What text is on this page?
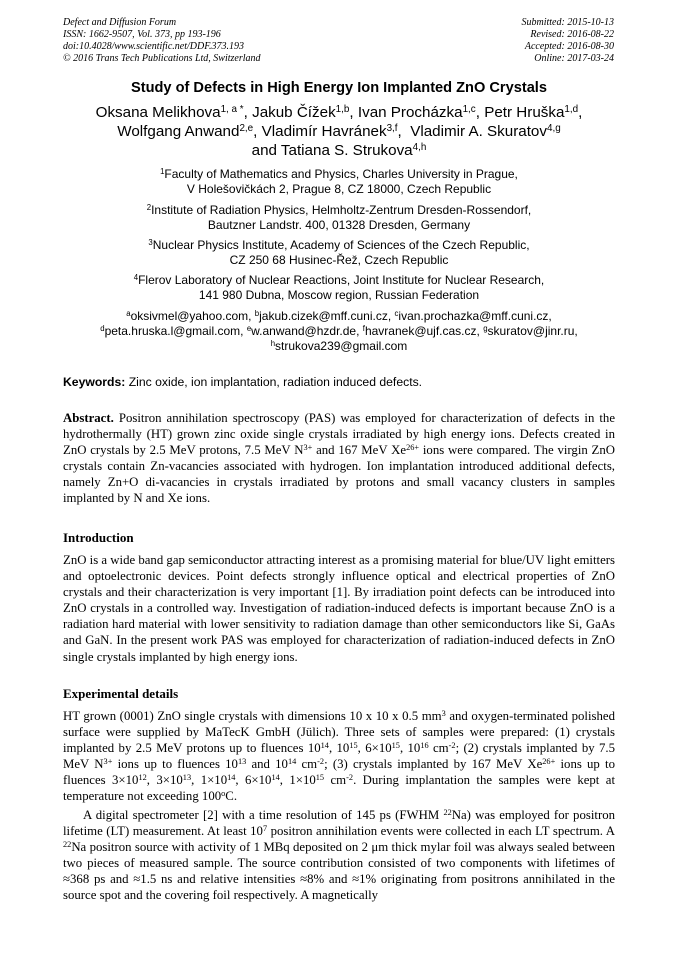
Defect and Diffusion Forum
ISSN: 1662-9507, Vol. 373, pp 193-196
doi:10.4028/www.scientific.net/DDF.373.193
© 2016 Trans Tech Publications Ltd, Switzerland
Submitted: 2015-10-13
Revised: 2016-08-22
Accepted: 2016-08-30
Online: 2017-03-24
Study of Defects in High Energy Ion Implanted ZnO Crystals
Oksana Melikhova$^{1, a *}$, Jakub Čížek$^{1,b}$, Ivan Procházka$^{1,c}$, Petr Hruška$^{1,d}$,
Wolfgang Anwand$^{2,e}$, Vladimír Havránek$^{3,f}$, Vladimir A. Skuratov$^{4,g}$
and Tatiana S. Strukova$^{4,h}$
$^1$Faculty of Mathematics and Physics, Charles University in Prague,
V Holešovičkách 2, Prague 8, CZ 18000, Czech Republic
$^2$Institute of Radiation Physics, Helmholtz-Zentrum Dresden-Rossendorf,
Bautzner Landstr. 400, 01328 Dresden, Germany
$^3$Nuclear Physics Institute, Academy of Sciences of the Czech Republic,
CZ 250 68 Husinec-Řež, Czech Republic
$^4$Flerov Laboratory of Nuclear Reactions, Joint Institute for Nuclear Research,
141 980 Dubna, Moscow region, Russian Federation
$^a$oksivmel@yahoo.com, $^b$jakub.cizek@mff.cuni.cz, $^c$ivan.prochazka@mff.cuni.cz,
$^d$peta.hruska.l@gmail.com, $^e$w.anwand@hzdr.de, $^f$havranek@ujf.cas.cz, $^g$skuratov@jinr.ru,
$^h$strukova239@gmail.com
Keywords: Zinc oxide, ion implantation, radiation induced defects.
Abstract. Positron annihilation spectroscopy (PAS) was employed for characterization of defects in the hydrothermally (HT) grown zinc oxide single crystals irradiated by high energy ions. Defects created in ZnO crystals by 2.5 MeV protons, 7.5 MeV $N^{3+}$ and 167 MeV $Xe^{26+}$ ions were compared. The virgin ZnO crystals contain Zn-vacancies associated with hydrogen. Ion implantation introduced additional defects, namely Zn+O di-vacancies in crystals irradiated by protons and small vacancy clusters in samples implanted by N and Xe ions.
Introduction
ZnO is a wide band gap semiconductor attracting interest as a promising material for blue/UV light emitters and optoelectronic devices. Point defects strongly influence optical and electrical properties of ZnO crystals and their characterization is very important [1]. By irradiation point defects can be introduced into ZnO crystals in a controlled way. Investigation of radiation-induced defects is important because ZnO is a radiation hard material with lower sensitivity to radiation damage than other semiconductors like Si, GaAs and GaN. In the present work PAS was employed for characterization of radiation-induced defects in ZnO single crystals implanted by high energy ions.
Experimental details
HT grown (0001) ZnO single crystals with dimensions 10 x 10 x 0.5 $mm^3$ and oxygen-terminated polished surface were supplied by MaTecK GmbH (Jülich). Three sets of samples were prepared: (1) crystals implanted by 2.5 MeV protons up to fluences $10^{14}$, $10^{15}$, $6\times 10^{15}$, $10^{16}$ $cm^{-2}$; (2) crystals implanted by 7.5 MeV $N^{3+}$ ions up to fluences $10^{13}$ and $10^{14}$ $cm^{-2}$; (3) crystals implanted by 167 MeV $Xe^{26+}$ ions up to fluences $3\times 10^{12}$, $3\times 10^{13}$, $1\times 10^{14}$, $6\times 10^{14}$, $1\times 10^{15}$ $cm^{-2}$. During implantation the samples were kept at temperature not exceeding 100$^o$C.
A digital spectrometer [2] with a time resolution of 145 ps (FWHM $^{22}$Na) was employed for positron lifetime (LT) measurement. At least $10^7$ positron annihilation events were collected in each LT spectrum. A $^{22}$Na positron source with activity of 1 MBq deposited on 2 μm thick mylar foil was always sealed between two pieces of measured sample. The source contribution consisted of two components with lifetimes of ≈368 ps and ≈1.5 ns and relative intensities ≈8% and ≈1% originating from positrons annihilated in the source spot and the covering foil respectively. A magnetically
